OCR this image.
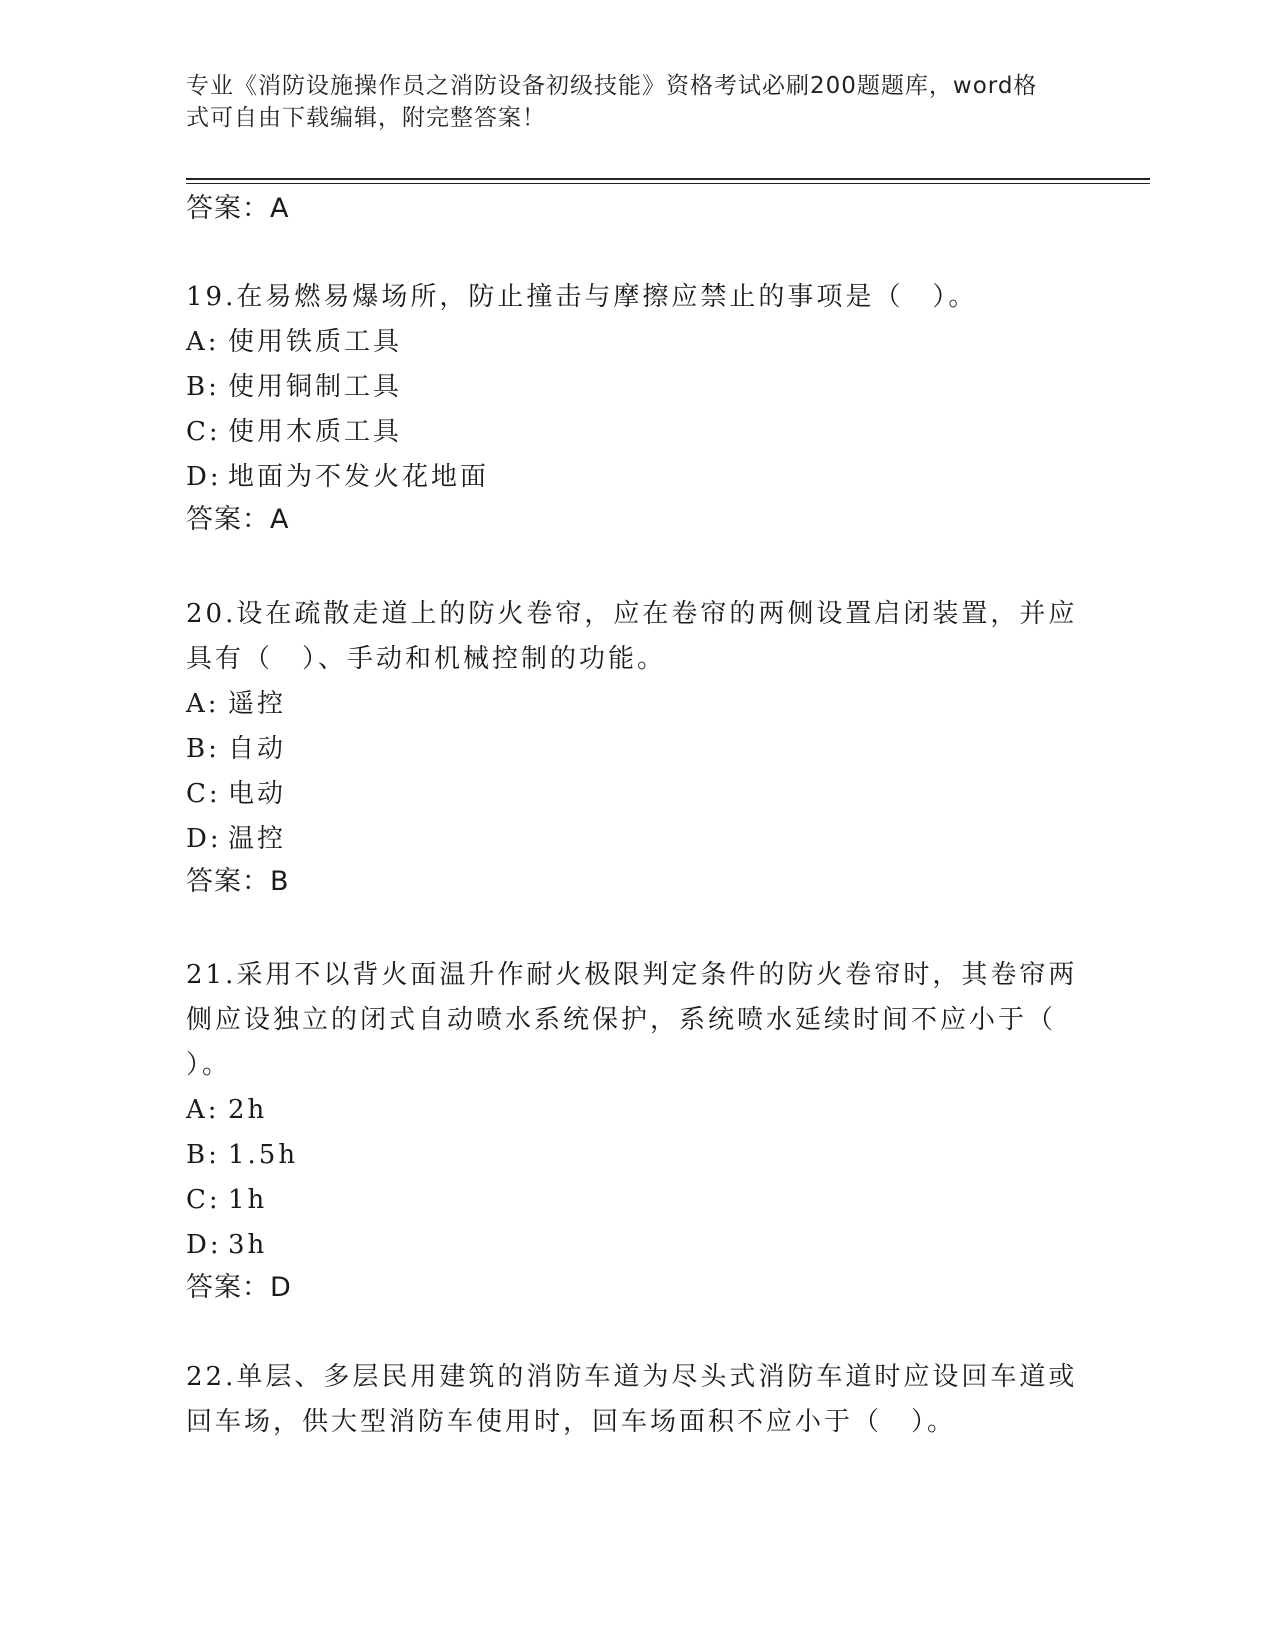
专业《消防设施操作员之消防设备初级技能》资格考试必刷200题题库，word格
式可自由下载编辑，附完整答案！
答案：A
19.在易燃易爆场所，防止撞击与摩擦应禁止的事项是（　）。
A: 使用铁质工具
B: 使用铜制工具
C: 使用木质工具
D: 地面为不发火花地面
答案：A
20.设在疏散走道上的防火卷帘，应在卷帘的两侧设置启闭装置，并应
具有（　）、手动和机械控制的功能。
A: 遥控
B: 自动
C: 电动
D: 温控
答案：B
21.采用不以背火面温升作耐火极限判定条件的防火卷帘时，其卷帘两
侧应设独立的闭式自动喷水系统保护，系统喷水延续时间不应小于（
）。
A: 2h
B: 1.5h
C: 1h
D: 3h
答案：D
22.单层、多层民用建筑的消防车道为尽头式消防车道时应设回车道或
回车场，供大型消防车使用时，回车场面积不应小于（　）。
